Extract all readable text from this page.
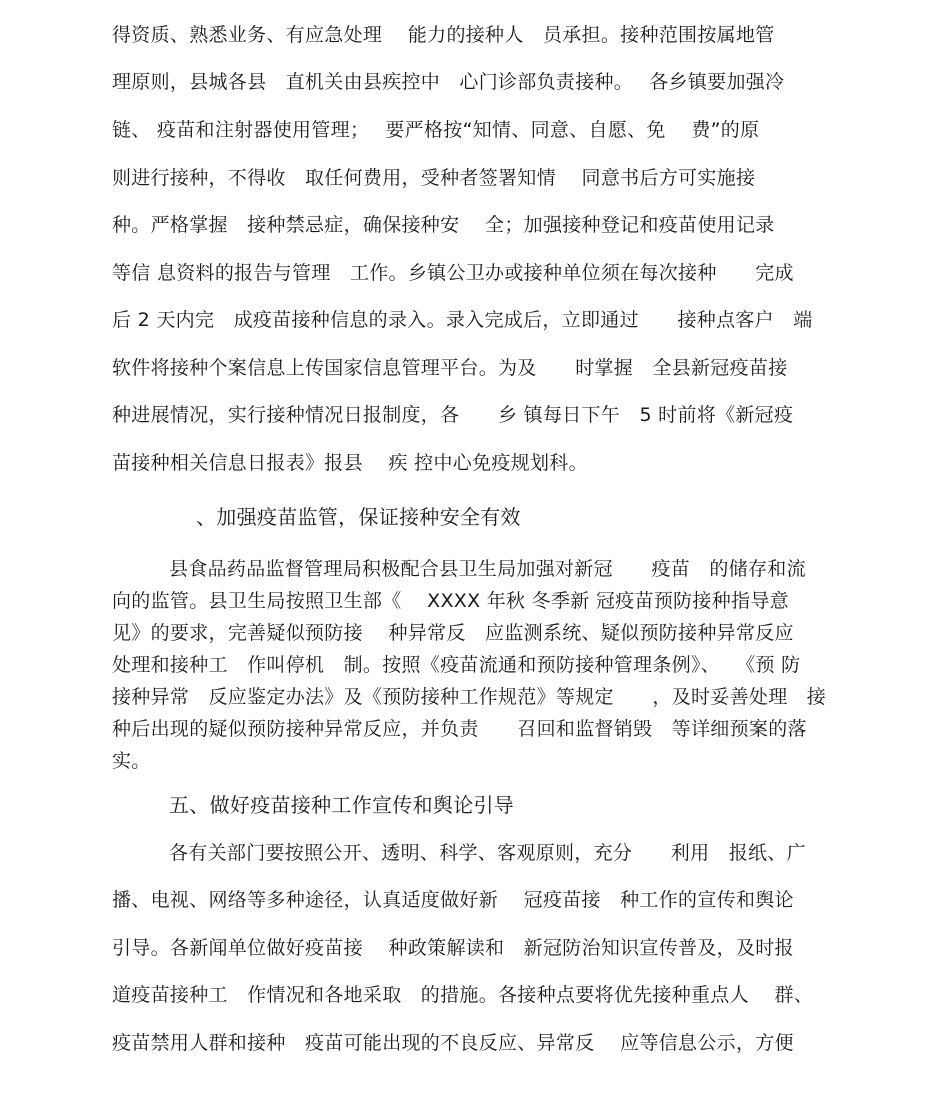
得资质、熟悉业务、有应急处理　 能力的接种人　员承担。接种范围按属地管
理原则，县城各县　直机关由县疾控中　心门诊部负责接种。　 各乡镇要加强冷
链、 疫苗和注射器使用管理；　 要严格按“知情、同意、自愿、免　 费”的原
则进行接种，不得收　取任何费用，受种者签署知情　 同意书后方可实施接
种。严格掌握　接种禁忌症，确保接种安　 全；加强接种登记和疫苗使用记录
等信 息资料的报告与管理　工作。乡镇公卫办或接种单位须在每次接种　　完成
后 2 天内完　成疫苗接种信息的录入。录入完成后，立即通过　　接种点客户　端
软件将接种个案信息上传国家信息管理平台。为及　　时掌握　全县新冠疫苗接
种进展情况，实行接种情况日报制度，各　　乡 镇每日下午　5 时前将《新冠疫
苗接种相关信息日报表》报县　 疾 控中心免疫规划科。
、加强疫苗监管，保证接种安全有效
县食品药品监督管理局积极配合县卫生局加强对新冠　　疫苗　的储存和流
向的监管。县卫生局按照卫生部《　 XXXX 年秋 冬季新 冠疫苗预防接种指导意
见》的要求，完善疑似预防接　 种异常反　应监测系统、疑似预防接种异常反应
处理和接种工　作叫停机　制。按照《疫苗流通和预防接种管理条例》、　 《预 防
接种异常　反应鉴定办法》及《预防接种工作规范》等规定　　，及时妥善处理　接
种后出现的疑似预防接种异常反应，并负责　　召回和监督销毁　等详细预案的落
实。
五、做好疫苗接种工作宣传和舆论引导
各有关部门要按照公开、透明、科学、客观原则，充分　　利用　报纸、广
播、电视、网络等多种途径，认真适度做好新　 冠疫苗接　种工作的宣传和舆论
引导。各新闻单位做好疫苗接　 种政策解读和　新冠防治知识宣传普及，及时报
道疫苗接种工　作情况和各地采取　的措施。各接种点要将优先接种重点人　 群、
疫苗禁用人群和接种　疫苗可能出现的不良反应、异常反　 应等信息公示，方便
